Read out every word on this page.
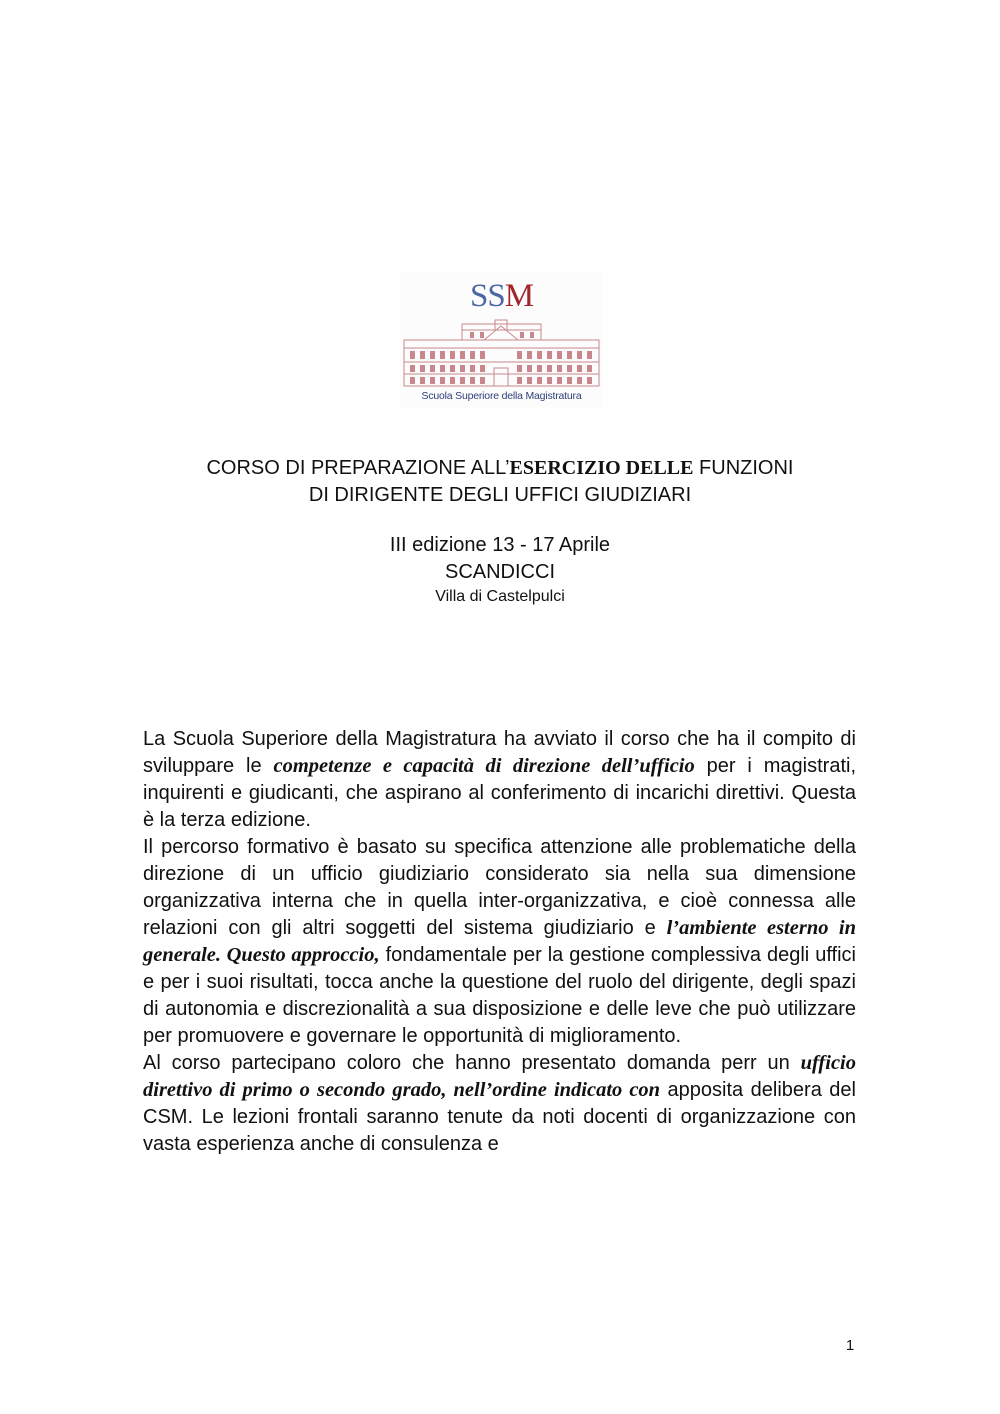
SSM
Scuola Superiore della Magistratura
CORSO DI PREPARAZIONE ALL’ESERCIZIO DELLE FUNZIONI
DI DIRIGENTE DEGLI UFFICI GIUDIZIARI
III edizione 13 - 17 Aprile
SCANDICCI
Villa di Castelpulci

La Scuola Superiore della Magistratura ha avviato il corso che ha il compito di sviluppare le competenze e capacità di direzione dell’ufficio per i magistrati, inquirenti e giudicanti, che aspirano al conferimento di incarichi direttivi. Questa è la terza edizione.

Il percorso formativo è basato su specifica attenzione alle problematiche della direzione di un ufficio giudiziario considerato sia nella sua dimensione organizzativa interna che in quella inter-organizzativa, e cioè connessa alle relazioni con gli altri soggetti del sistema giudiziario e l’ambiente esterno in generale. Questo approccio, fondamentale per la gestione complessiva degli uffici e per i suoi risultati, tocca anche la questione del ruolo del dirigente, degli spazi di autonomia e discrezionalità a sua disposizione e delle leve che può utilizzare per promuovere e governare le opportunità di miglioramento.

Al corso partecipano coloro che hanno presentato domanda perr un ufficio direttivo di primo o secondo grado, nell’ordine indicato con apposita delibera del CSM. Le lezioni frontali saranno tenute da noti docenti di organizzazione con vasta esperienza anche di consulenza e

1
